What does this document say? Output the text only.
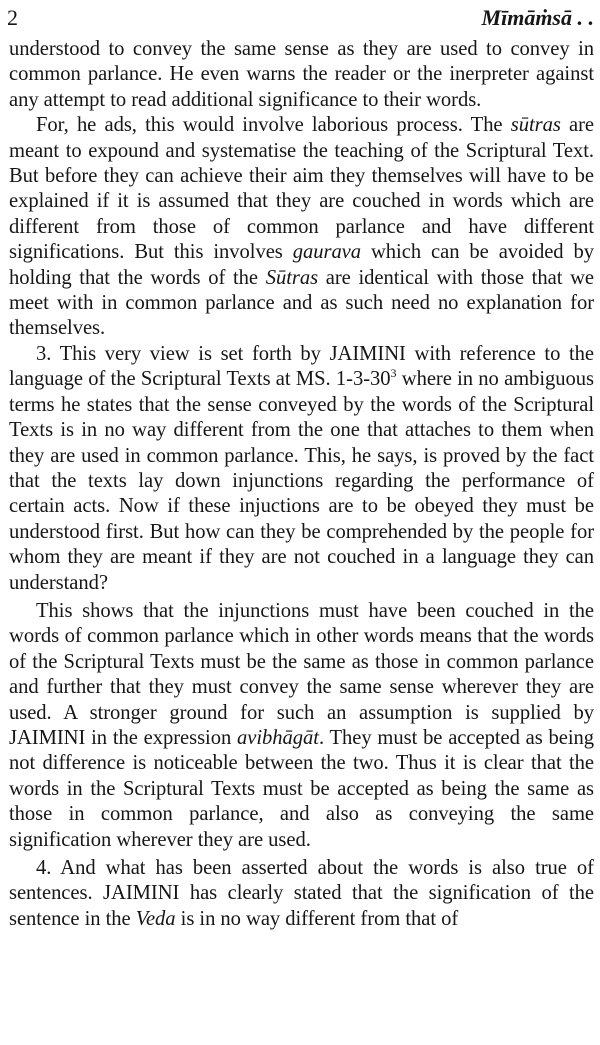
2	Mīmāṁsā . .

understood to convey the same sense as they are used to convey in common parlance. He even warns the reader or the inerpreter against any attempt to read additional significance to their words.

For, he ads, this would involve laborious process. The sūtras are meant to expound and systematise the teaching of the Scriptural Text. But before they can achieve their aim they themselves will have to be explained if it is assumed that they are couched in words which are different from those of common parlance and have different significations. But this involves gaurava which can be avoided by holding that the words of the Sūtras are identical with those that we meet with in common parlance and as such need no explanation for themselves.

3. This very view is set forth by JAIMINI with reference to the language of the Scriptural Texts at MS. $1-3-30^3$ where in no ambiguous terms he states that the sense conveyed by the words of the Scriptural Texts is in no way different from the one that attaches to them when they are used in common parlance. This, he says, is proved by the fact that the texts lay down injunctions regarding the performance of certain acts. Now if these injuctions are to be obeyed they must be understood first. But how can they be comprehended by the people for whom they are meant if they are not couched in a language they can understand?

This shows that the injunctions must have been couched in the words of common parlance which in other words means that the words of the Scriptural Texts must be the same as those in common parlance and further that they must convey the same sense wherever they are used. A stronger ground for such an assumption is supplied by JAIMINI in the expression avibhāgāt. They must be accepted as being not difference is noticeable between the two. Thus it is clear that the words in the Scriptural Texts must be accepted as being the same as those in common parlance, and also as conveying the same signification wherever they are used.

4. And what has been asserted about the words is also true of sentences. JAIMINI has clearly stated that the signification of the sentence in the Veda is in no way different from that of
